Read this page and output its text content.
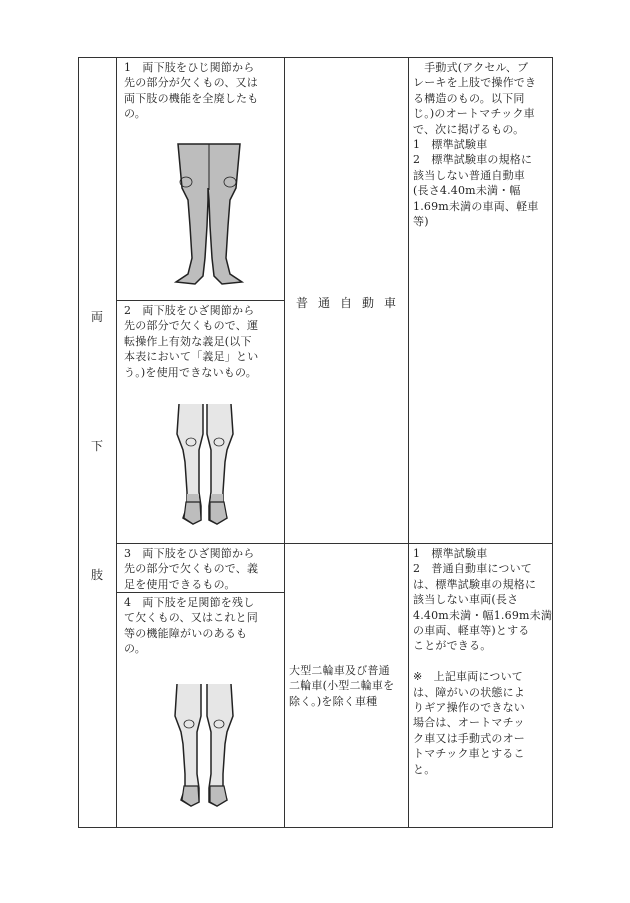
両
下
肢
1　両下肢をひじ関節から
先の部分が欠くもの、又は
両下肢の機能を全廃したも
の。
2　両下肢をひざ関節から
先の部分で欠くもので、運
転操作上有効な義足(以下
本表において「義足」とい
う。)を使用できないもの。
普通自動車
　手動式(アクセル、ブ
レーキを上肢で操作でき
る構造のもの。以下同
じ。)のオートマチック車
で、次に掲げるもの。
1　標準試験車
2　標準試験車の規格に
該当しない普通自動車
(長さ4.40m未満・幅
1.69m未満の車両、軽車
等)
3　両下肢をひざ関節から
先の部分で欠くもので、義
足を使用できるもの。
4　両下肢を足関節を残し
て欠くもの、又はこれと同
等の機能障がいのあるも
の。
大型二輪車及び普通
二輪車(小型二輪車を
除く。)を除く車種
1　標準試験車
2　普通自動車について
は、標準試験車の規格に
該当しない車両(長さ
4.40m未満・幅1.69m未満
の車両、軽車等)とする
ことができる。

※　上記車両について
は、障がいの状態によ
りギア操作のできない
場合は、オートマチッ
ク車又は手動式のオー
トマチック車とするこ
と。
